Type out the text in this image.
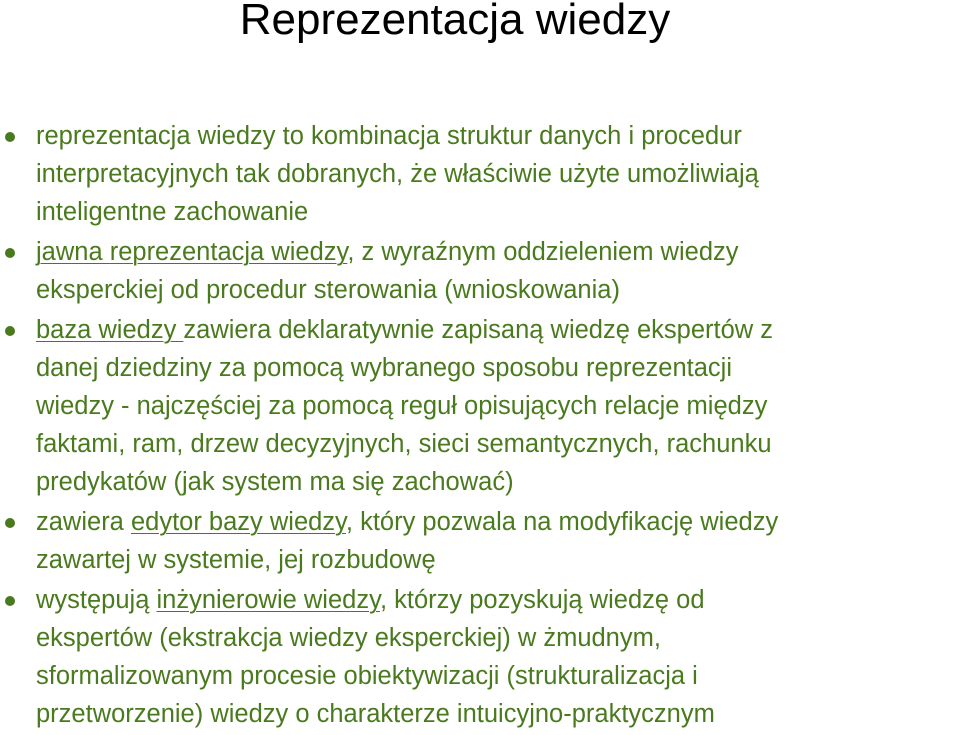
Reprezentacja wiedzy
reprezentacja wiedzy to kombinacja struktur danych i procedur
interpretacyjnych tak dobranych, że właściwie użyte umożliwiają
inteligentne zachowanie
jawna reprezentacja wiedzy, z wyraźnym oddzieleniem wiedzy
eksperckiej od procedur sterowania (wnioskowania)
baza wiedzy zawiera deklaratywnie zapisaną wiedzę ekspertów z
danej dziedziny za pomocą wybranego sposobu reprezentacji
wiedzy - najczęściej za pomocą reguł opisujących relacje między
faktami, ram, drzew decyzyjnych, sieci semantycznych, rachunku
predykatów (jak system ma się zachować)
zawiera edytor bazy wiedzy, który pozwala na modyfikację wiedzy
zawartej w systemie, jej rozbudowę
występują inżynierowie wiedzy, którzy pozyskują wiedzę od
ekspertów (ekstrakcja wiedzy eksperckiej) w żmudnym,
sformalizowanym procesie obiektywizacji (strukturalizacja i
przetworzenie) wiedzy o charakterze intuicyjno-praktycznym
